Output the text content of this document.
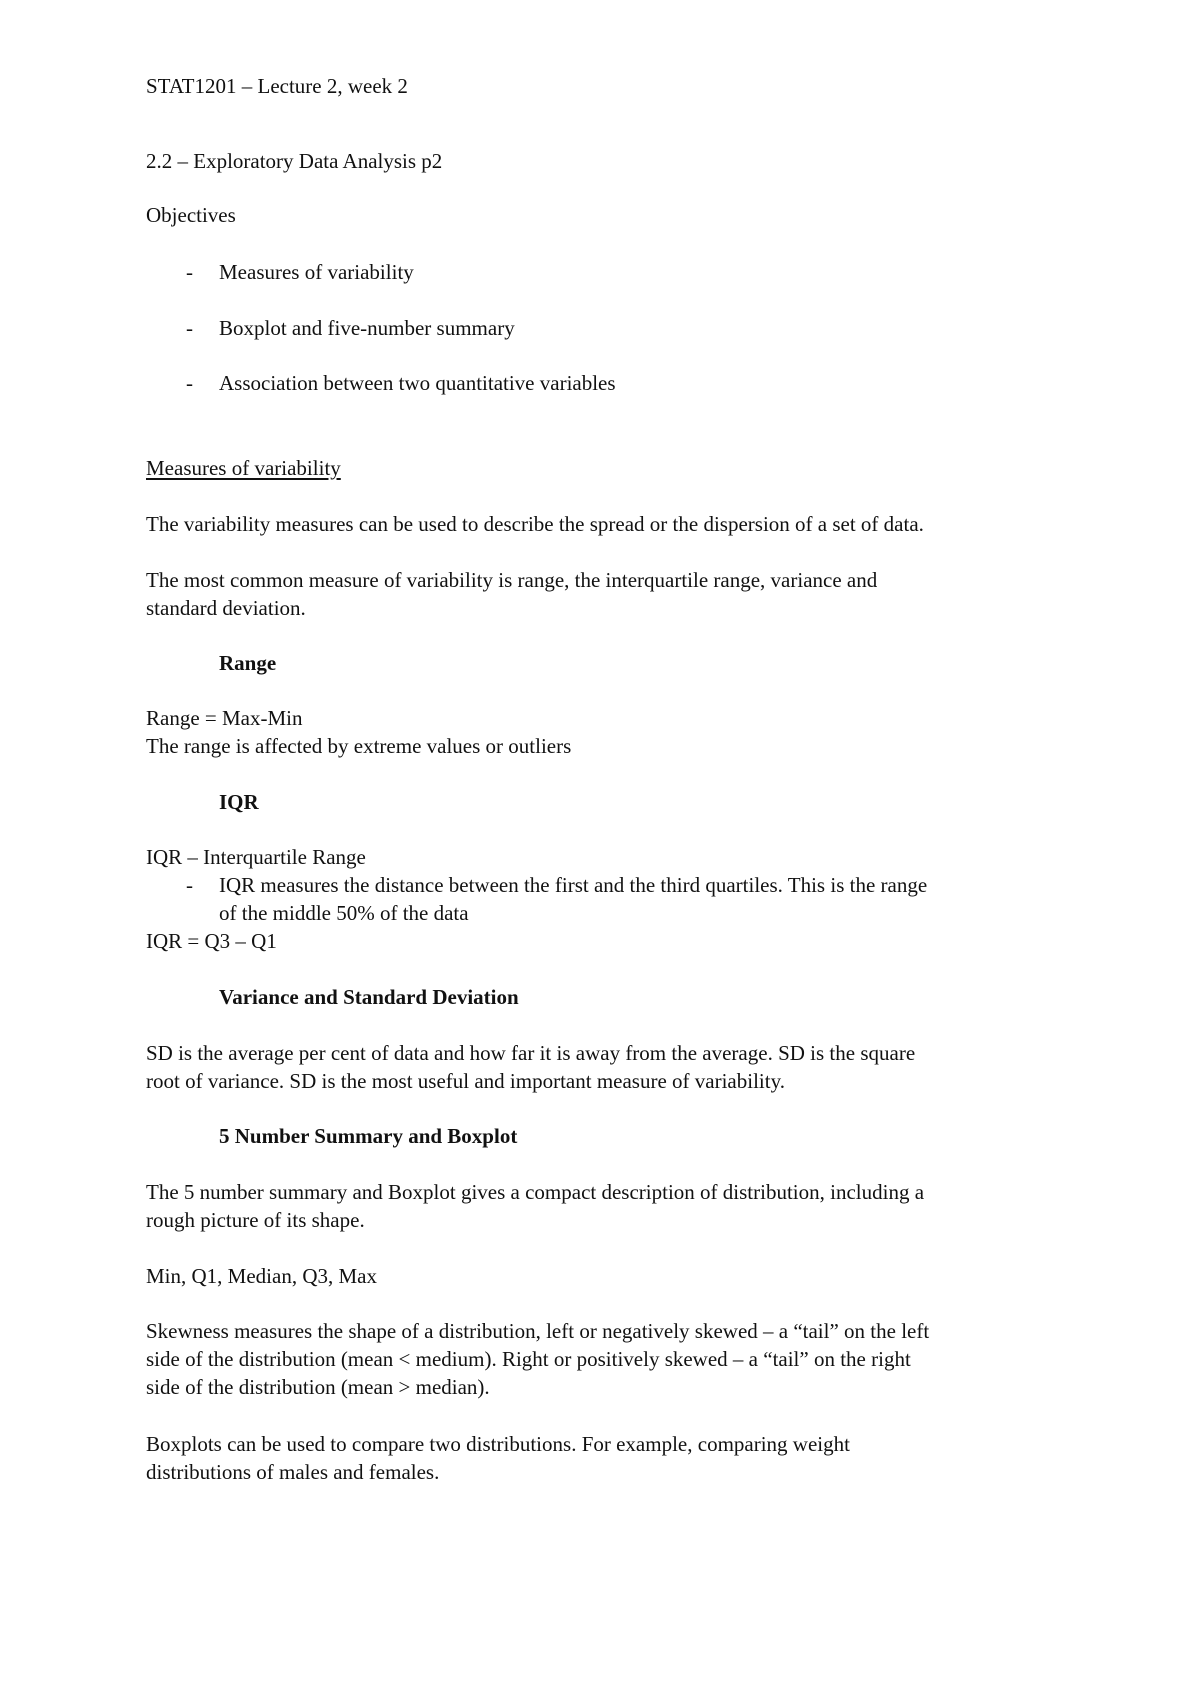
STAT1201 – Lecture 2, week 2

2.2 – Exploratory Data Analysis p2

Objectives

- Measures of variability

- Boxplot and five-number summary

- Association between two quantitative variables

Measures of variability

The variability measures can be used to describe the spread or the dispersion of a set of data.

The most common measure of variability is range, the interquartile range, variance and

standard deviation.

Range

Range = Max-Min

The range is affected by extreme values or outliers

IQR

IQR – Interquartile Range

- IQR measures the distance between the first and the third quartiles. This is the range

of the middle 50% of the data

IQR = Q3 – Q1

Variance and Standard Deviation

SD is the average per cent of data and how far it is away from the average. SD is the square

root of variance. SD is the most useful and important measure of variability.

5 Number Summary and Boxplot

The 5 number summary and Boxplot gives a compact description of distribution, including a

rough picture of its shape.

Min, Q1, Median, Q3, Max

Skewness measures the shape of a distribution, left or negatively skewed – a “tail” on the left

side of the distribution (mean < medium). Right or positively skewed – a “tail” on the right

side of the distribution (mean > median).

Boxplots can be used to compare two distributions. For example, comparing weight

distributions of males and females.
